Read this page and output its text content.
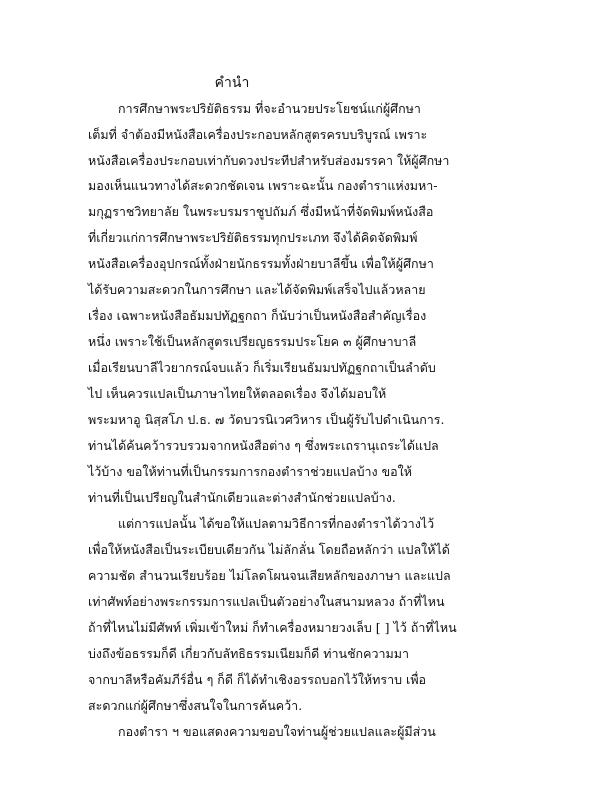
คำนำ
การศึกษาพระปริยัติธรรม ที่จะอำนวยประโยชน์แก่ผู้ศึกษา
เต็มที่ จำต้องมีหนังสือเครื่องประกอบหลักสูตรครบบริบูรณ์ เพราะ
หนังสือเครื่องประกอบเท่ากับดวงประทีปสำหรับส่องมรรคา ให้ผู้ศึกษา
มองเห็นแนวทางได้สะดวกชัดเจน เพราะฉะนั้น กองตำราแห่งมหา-
มกุฏราชวิทยาลัย ในพระบรมราชูปถัมภ์ ซึ่งมีหน้าที่จัดพิมพ์หนังสือ
ที่เกี่ยวแก่การศึกษาพระปริยัติธรรมทุกประเภท จึงได้คิดจัดพิมพ์
หนังสือเครื่องอุปกรณ์ทั้งฝ่ายนักธรรมทั้งฝ่ายบาลีขึ้น เพื่อให้ผู้ศึกษา
ได้รับความสะดวกในการศึกษา และได้จัดพิมพ์เสร็จไปแล้วหลาย
เรื่อง เฉพาะหนังสือธัมมปทัฏฐกถา ก็นับว่าเป็นหนังสือสำคัญเรื่อง
หนึ่ง เพราะใช้เป็นหลักสูตรเปรียญธรรมประโยค ๓ ผู้ศึกษาบาลี
เมื่อเรียนบาลีไวยากรณ์จบแล้ว ก็เริ่มเรียนธัมมปทัฏฐกถาเป็นลำดับ
ไป เห็นควรแปลเป็นภาษาไทยให้ตลอดเรื่อง จึงได้มอบให้
พระมหาอู นิสฺสโภ ป.ธ. ๗ วัดบวรนิเวศวิหาร เป็นผู้รับไปดำเนินการ.
ท่านได้ค้นคว้ารวบรวมจากหนังสือต่าง ๆ ซึ่งพระเถรานุเถระได้แปล
ไว้บ้าง ขอให้ท่านที่เป็นกรรมการกองตำราช่วยแปลบ้าง ขอให้
ท่านที่เป็นเปรียญในสำนักเดียวและต่างสำนักช่วยแปลบ้าง.
แต่การแปลนั้น ได้ขอให้แปลตามวิธีการที่กองตำราได้วางไว้
เพื่อให้หนังสือเป็นระเบียบเดียวกัน ไม่ลักลั่น โดยถือหลักว่า แปลให้ได้
ความชัด สำนวนเรียบร้อย ไม่โลดโผนจนเสียหลักของภาษา และแปล
เท่าศัพท์อย่างพระกรรมการแปลเป็นตัวอย่างในสนามหลวง ถ้าที่ไหน
ถ้าที่ไหนไม่มีศัพท์ เพิ่มเข้าใหม่ ก็ทำเครื่องหมายวงเล็บ [ ] ไว้ ถ้าที่ไหน
บ่งถึงข้อธรรมก็ดี เกี่ยวกับลัทธิธรรมเนียมก็ดี ท่านชักความมา
จากบาลีหรือคัมภีร์อื่น ๆ ก็ดี ก็ได้ทำเชิงอรรถบอกไว้ให้ทราบ เพื่อ
สะดวกแก่ผู้ศึกษาซึ่งสนใจในการค้นคว้า.
กองตำรา ฯ ขอแสดงความขอบใจท่านผู้ช่วยแปลและผู้มีส่วน
